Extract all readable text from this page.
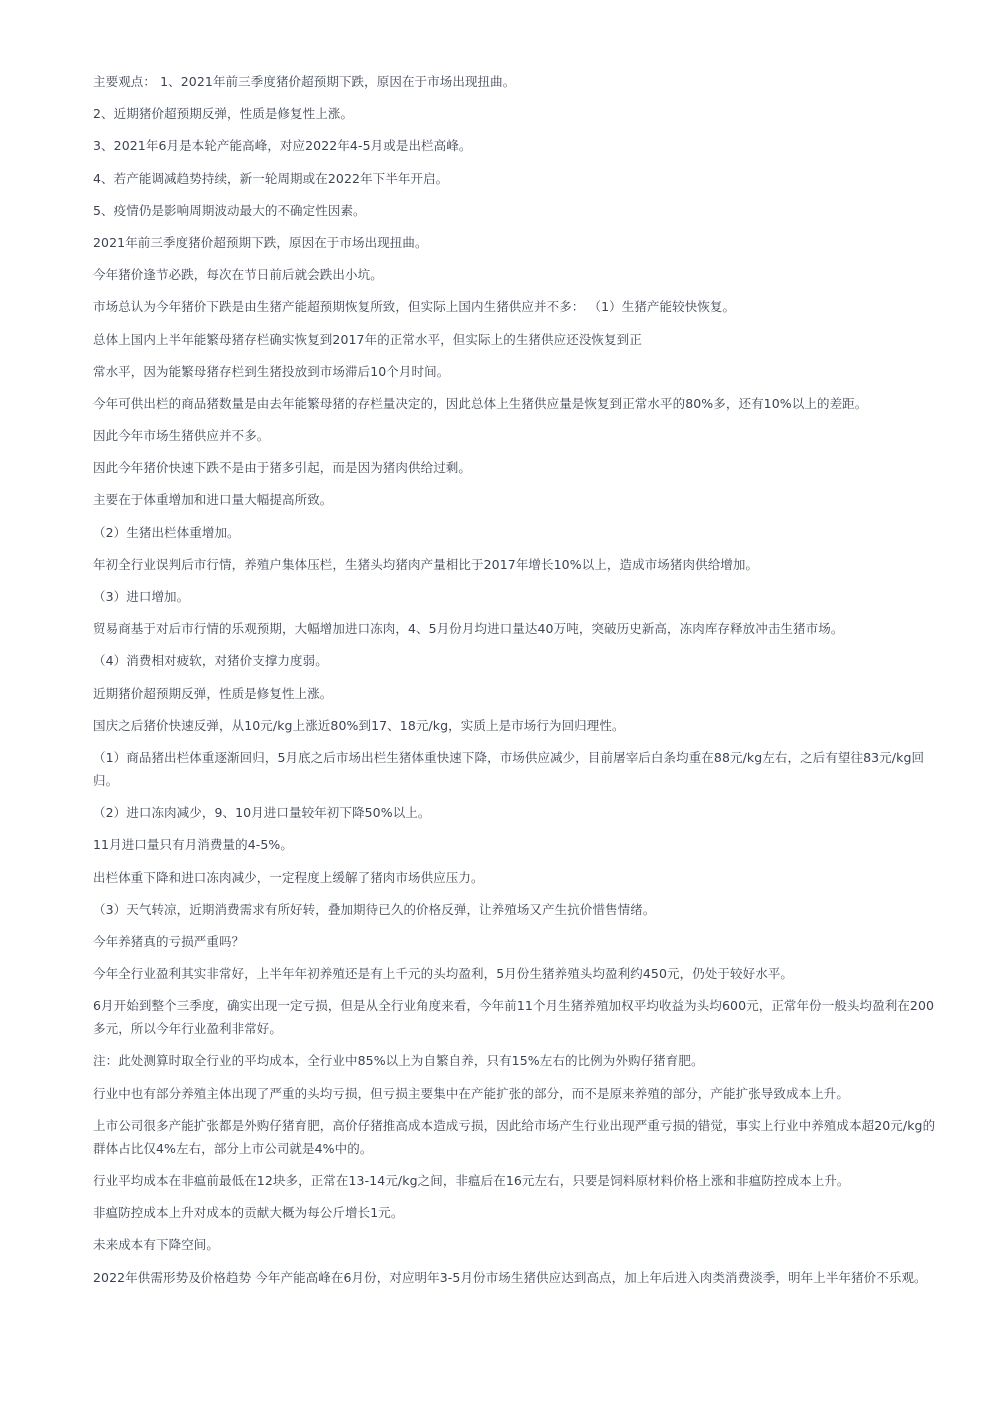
主要观点： 1、2021年前三季度猪价超预期下跌，原因在于市场出现扭曲。

2、近期猪价超预期反弹，性质是修复性上涨。

3、2021年6月是本轮产能高峰，对应2022年4-5月或是出栏高峰。

4、若产能调减趋势持续，新一轮周期或在2022年下半年开启。

5、疫情仍是影响周期波动最大的不确定性因素。

2021年前三季度猪价超预期下跌，原因在于市场出现扭曲。

今年猪价逢节必跌，每次在节日前后就会跌出小坑。

市场总认为今年猪价下跌是由生猪产能超预期恢复所致，但实际上国内生猪供应并不多： （1）生猪产能较快恢复。

总体上国内上半年能繁母猪存栏确实恢复到2017年的正常水平，但实际上的生猪供应还没恢复到正

常水平，因为能繁母猪存栏到生猪投放到市场滞后10个月时间。

今年可供出栏的商品猪数量是由去年能繁母猪的存栏量决定的，因此总体上生猪供应量是恢复到正常水平的80%多，还有10%以上的差距。

因此今年市场生猪供应并不多。

因此今年猪价快速下跌不是由于猪多引起，而是因为猪肉供给过剩。

主要在于体重增加和进口量大幅提高所致。

（2）生猪出栏体重增加。

年初全行业误判后市行情，养殖户集体压栏，生猪头均猪肉产量相比于2017年增长10%以上，造成市场猪肉供给增加。

（3）进口增加。

贸易商基于对后市行情的乐观预期，大幅增加进口冻肉，4、5月份月均进口量达40万吨，突破历史新高，冻肉库存释放冲击生猪市场。

（4）消费相对疲软，对猪价支撑力度弱。

近期猪价超预期反弹，性质是修复性上涨。

国庆之后猪价快速反弹，从10元/kg上涨近80%到17、18元/kg，实质上是市场行为回归理性。

（1）商品猪出栏体重逐渐回归，5月底之后市场出栏生猪体重快速下降，市场供应减少，目前屠宰后白条均重在88元/kg左右，之后有望往83元/kg回归。

（2）进口冻肉减少，9、10月进口量较年初下降50%以上。

11月进口量只有月消费量的4-5%。

出栏体重下降和进口冻肉减少，一定程度上缓解了猪肉市场供应压力。

（3）天气转凉，近期消费需求有所好转，叠加期待已久的价格反弹，让养殖场又产生抗价惜售情绪。

今年养猪真的亏损严重吗？

今年全行业盈利其实非常好，上半年年初养殖还是有上千元的头均盈利，5月份生猪养殖头均盈利约450元，仍处于较好水平。

6月开始到整个三季度，确实出现一定亏损，但是从全行业角度来看，今年前11个月生猪养殖加权平均收益为头均600元，正常年份一般头均盈利在200多元，所以今年行业盈利非常好。

注：此处测算时取全行业的平均成本，全行业中85%以上为自繁自养，只有15%左右的比例为外购仔猪育肥。

行业中也有部分养殖主体出现了严重的头均亏损，但亏损主要集中在产能扩张的部分，而不是原来养殖的部分，产能扩张导致成本上升。

上市公司很多产能扩张都是外购仔猪育肥，高价仔猪推高成本造成亏损，因此给市场产生行业出现严重亏损的错觉，事实上行业中养殖成本超20元/kg的群体占比仅4%左右，部分上市公司就是4%中的。

行业平均成本在非瘟前最低在12块多，正常在13-14元/kg之间，非瘟后在16元左右，只要是饲料原材料价格上涨和非瘟防控成本上升。

非瘟防控成本上升对成本的贡献大概为每公斤增长1元。

未来成本有下降空间。

2022年供需形势及价格趋势 今年产能高峰在6月份，对应明年3-5月份市场生猪供应达到高点，加上年后进入肉类消费淡季，明年上半年猪价不乐观。
